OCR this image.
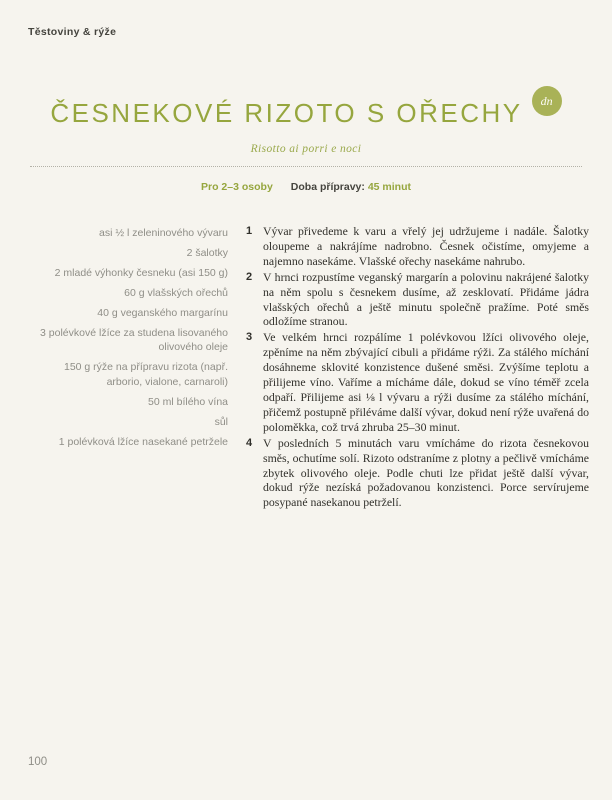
Těstoviny & rýže
ČESNEKOVÉ RIZOTO S OŘECHY	dn
Risotto ai porri e noci
Pro 2–3 osoby Doba přípravy: 45 minut
asi ½ l zeleninového vývaru
2 šalotky
2 mladé výhonky česneku (asi 150 g)
60 g vlašských ořechů
40 g veganského margarínu
3 polévkové lžíce za studena lisovaného olivového oleje
150 g rýže na přípravu rizota (např. arborio, vialone, carnaroli)
50 ml bílého vína
sůl
1 polévková lžíce nasekané petržele
1 Vývar přivedeme k varu a vřelý jej udržujeme i nadále. Šalotky oloupeme a nakrájíme nadrobno. Česnek očistíme, omyjeme a najemno nasekáme. Vlašské ořechy nasekáme nahrubo.
2 V hrnci rozpustíme veganský margarín a polovinu nakrájené šalotky na něm spolu s česnekem dusíme, až zesklovatí. Přidáme jádra vlašských ořechů a ještě minutu společně pražíme. Poté směs odložíme stranou.
3 Ve velkém hrnci rozpálíme 1 polévkovou lžíci olivového oleje, zpěníme na něm zbývající cibuli a přidáme rýži. Za stálého míchání dosáhneme sklovité konzistence dušené směsi. Zvýšíme teplotu a přilijeme víno. Vaříme a mícháme dále, dokud se víno téměř zcela odpaří. Přilijeme asi ⅛ l vývaru a rýži dusíme za stálého míchání, přičemž postupně přiléváme další vývar, dokud není rýže uvařená do poloměkka, což trvá zhruba 25–30 minut.
4 V posledních 5 minutách varu vmícháme do rizota česnekovou směs, ochutíme solí. Rizoto odstraníme z plotny a pečlivě vmícháme zbytek olivového oleje. Podle chuti lze přidat ještě další vývar, dokud rýže nezíská požadovanou konzistenci. Porce servírujeme posypané nasekanou petrželí.
100
